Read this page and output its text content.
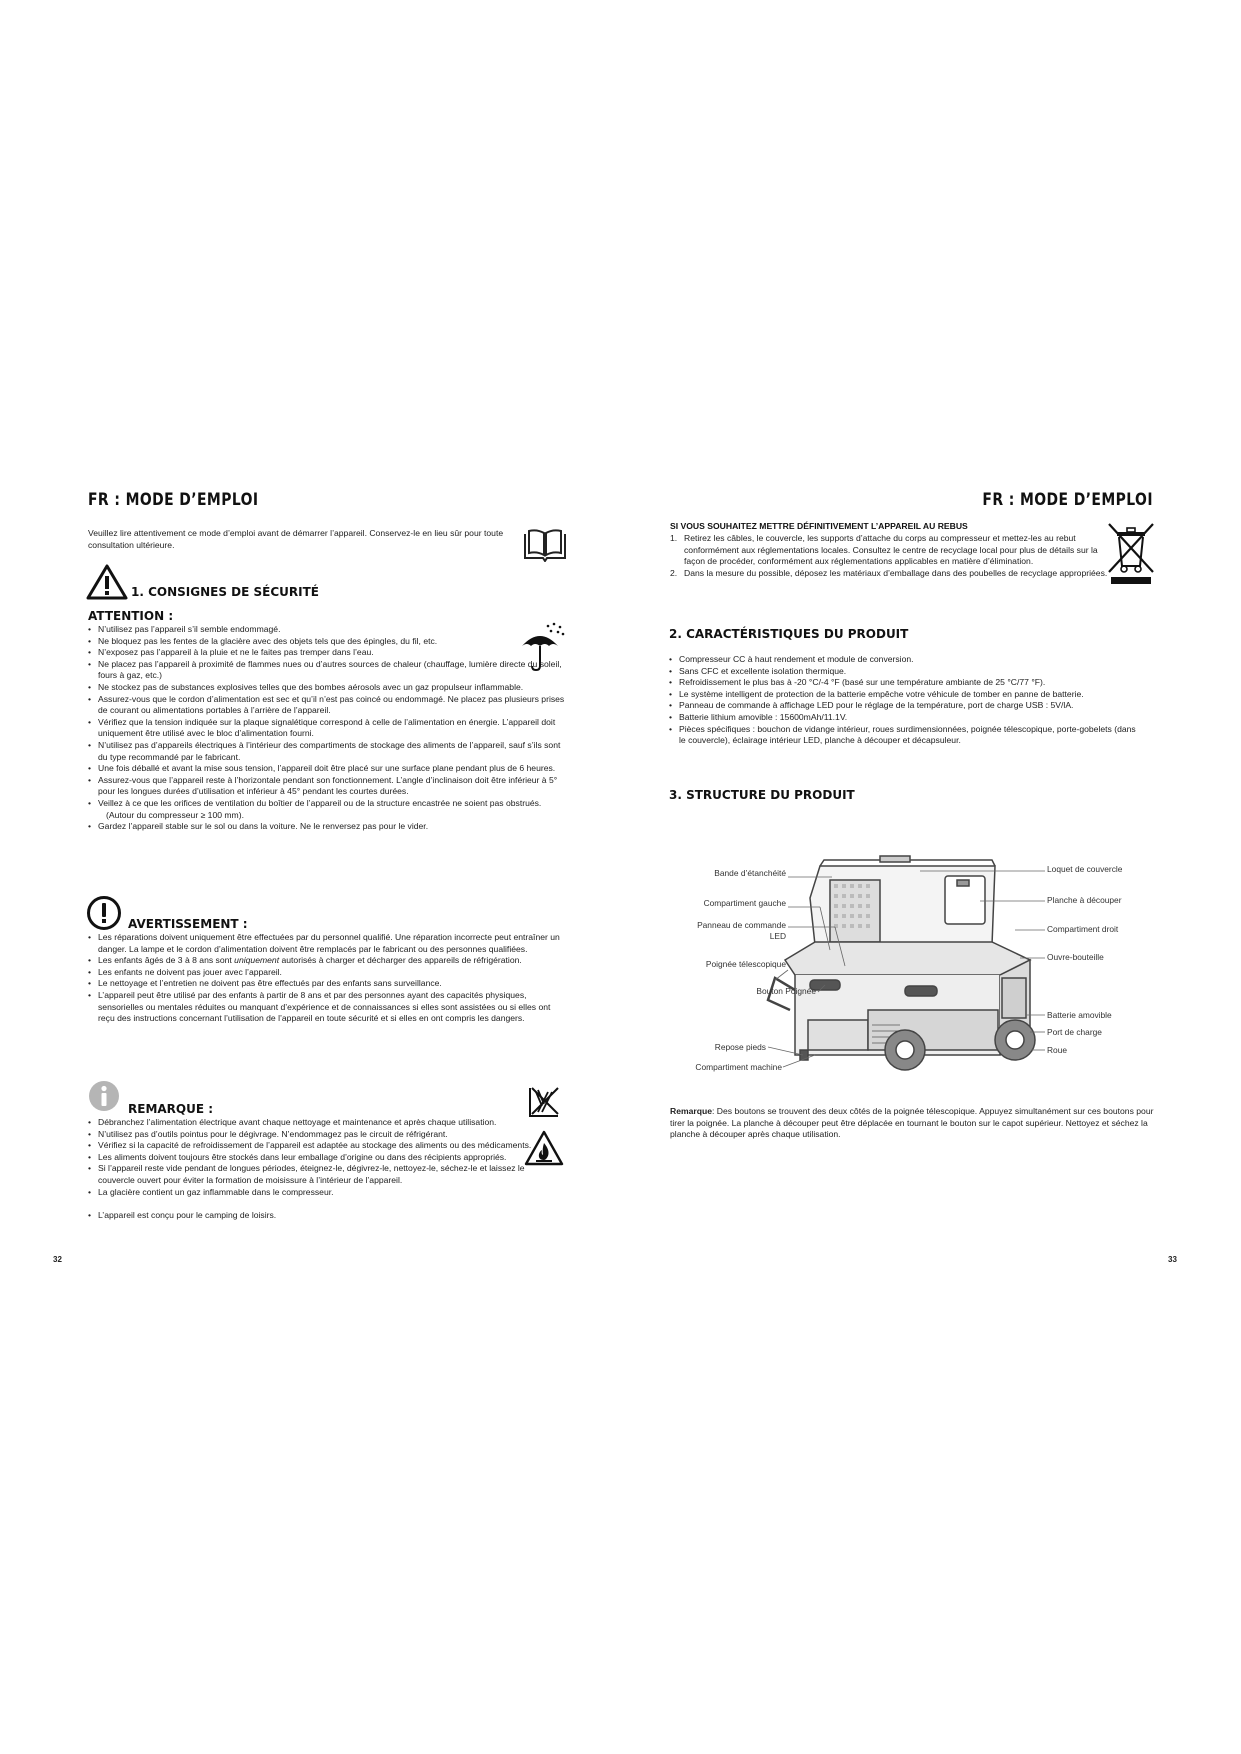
FR : MODE D’EMPLOI
Veuillez lire attentivement ce mode d’emploi avant de démarrer l’appareil. Conservez-le en lieu sûr pour toute consultation ultérieure.
1. CONSIGNES DE SÉCURITÉ
ATTENTION :
• N’utilisez pas l’appareil s’il semble endommagé.
• Ne bloquez pas les fentes de la glacière avec des objets tels que des épingles, du fil, etc.
• N’exposez pas l’appareil à la pluie et ne le faites pas tremper dans l’eau.
• Ne placez pas l’appareil à proximité de flammes nues ou d’autres sources de chaleur (chauffage, lumière directe du soleil, fours à gaz, etc.)
• Ne stockez pas de substances explosives telles que des bombes aérosols avec un gaz propulseur inflammable.
• Assurez-vous que le cordon d’alimentation est sec et qu’il n’est pas coincé ou endommagé. Ne placez pas plusieurs prises de courant ou alimentations portables à l’arrière de l’appareil.
• Vérifiez que la tension indiquée sur la plaque signalétique correspond à celle de l’alimentation en énergie. L’appareil doit uniquement être utilisé avec le bloc d’alimentation fourni.
• N’utilisez pas d’appareils électriques à l’intérieur des compartiments de stockage des aliments de l’appareil, sauf s’ils sont du type recommandé par le fabricant.
• Une fois déballé et avant la mise sous tension, l’appareil doit être placé sur une surface plane pendant plus de 6 heures.
• Assurez-vous que l’appareil reste à l’horizontale pendant son fonctionnement. L’angle d’inclinaison doit être inférieur à 5° pour les longues durées d’utilisation et inférieur à 45° pendant les courtes durées.
• Veillez à ce que les orifices de ventilation du boîtier de l’appareil ou de la structure encastrée ne soient pas obstrués.
(Autour du compresseur ≥ 100 mm).
• Gardez l’appareil stable sur le sol ou dans la voiture. Ne le renversez pas pour le vider.
AVERTISSEMENT :
• Les réparations doivent uniquement être effectuées par du personnel qualifié. Une réparation incorrecte peut entraîner un danger. La lampe et le cordon d’alimentation doivent être remplacés par le fabricant ou des personnes qualifiées.
• Les enfants âgés de 3 à 8 ans sont uniquement autorisés à charger et décharger des appareils de réfrigération.
• Les enfants ne doivent pas jouer avec l’appareil.
• Le nettoyage et l’entretien ne doivent pas être effectués par des enfants sans surveillance.
• L’appareil peut être utilisé par des enfants à partir de 8 ans et par des personnes ayant des capacités physiques, sensorielles ou mentales réduites ou manquant d’expérience et de connaissances si elles sont assistées ou si elles ont reçu des instructions concernant l’utilisation de l’appareil en toute sécurité et si elles en ont compris les dangers.
REMARQUE :
• Débranchez l’alimentation électrique avant chaque nettoyage et maintenance et après chaque utilisation.
• N’utilisez pas d’outils pointus pour le dégivrage. N’endommagez pas le circuit de réfrigérant.
• Vérifiez si la capacité de refroidissement de l’appareil est adaptée au stockage des aliments ou des médicaments.
• Les aliments doivent toujours être stockés dans leur emballage d’origine ou dans des récipients appropriés.
• Si l’appareil reste vide pendant de longues périodes, éteignez-le, dégivrez-le, nettoyez-le, séchez-le et laissez le couvercle ouvert pour éviter la formation de moisissure à l’intérieur de l’appareil.
• La glacière contient un gaz inflammable dans le compresseur.
• L’appareil est conçu pour le camping de loisirs.
32
FR : MODE D’EMPLOI
SI VOUS SOUHAITEZ METTRE DÉFINITIVEMENT L’APPAREIL AU REBUS
1. Retirez les câbles, le couvercle, les supports d’attache du corps au compresseur et mettez-les au rebut conformément aux réglementations locales. Consultez le centre de recyclage local pour plus de détails sur la façon de procéder, conformément aux réglementations applicables en matière d’élimination.
2. Dans la mesure du possible, déposez les matériaux d’emballage dans des poubelles de recyclage appropriées.
2. CARACTÉRISTIQUES DU PRODUIT
• Compresseur CC à haut rendement et module de conversion.
• Sans CFC et excellente isolation thermique.
• Refroidissement le plus bas à -20 °C/-4 °F (basé sur une température ambiante de 25 °C/77 °F).
• Le système intelligent de protection de la batterie empêche votre véhicule de tomber en panne de batterie.
• Panneau de commande à affichage LED pour le réglage de la température, port de charge USB : 5V/lA.
• Batterie lithium amovible : 15600mAh/11.1V.
• Pièces spécifiques : bouchon de vidange intérieur, roues surdimensionnées, poignée télescopique, porte-gobelets (dans le couvercle), éclairage intérieur LED, planche à découper et décapsuleur.
3. STRUCTURE DU PRODUIT
Bande d’étanchéité
Compartiment gauche
Panneau de commande LED
Poignée télescopique
Bouton Poignée
Repose pieds
Compartiment machine
Loquet de couvercle
Planche à découper
Compartiment droit
Ouvre-bouteille
Batterie amovible
Port de charge
Roue
Remarque: Des boutons se trouvent des deux côtés de la poignée télescopique. Appuyez simultanément sur ces boutons pour tirer la poignée. La planche à découper peut être déplacée en tournant le bouton sur le capot supérieur. Nettoyez et séchez la planche à découper après chaque utilisation.
33
